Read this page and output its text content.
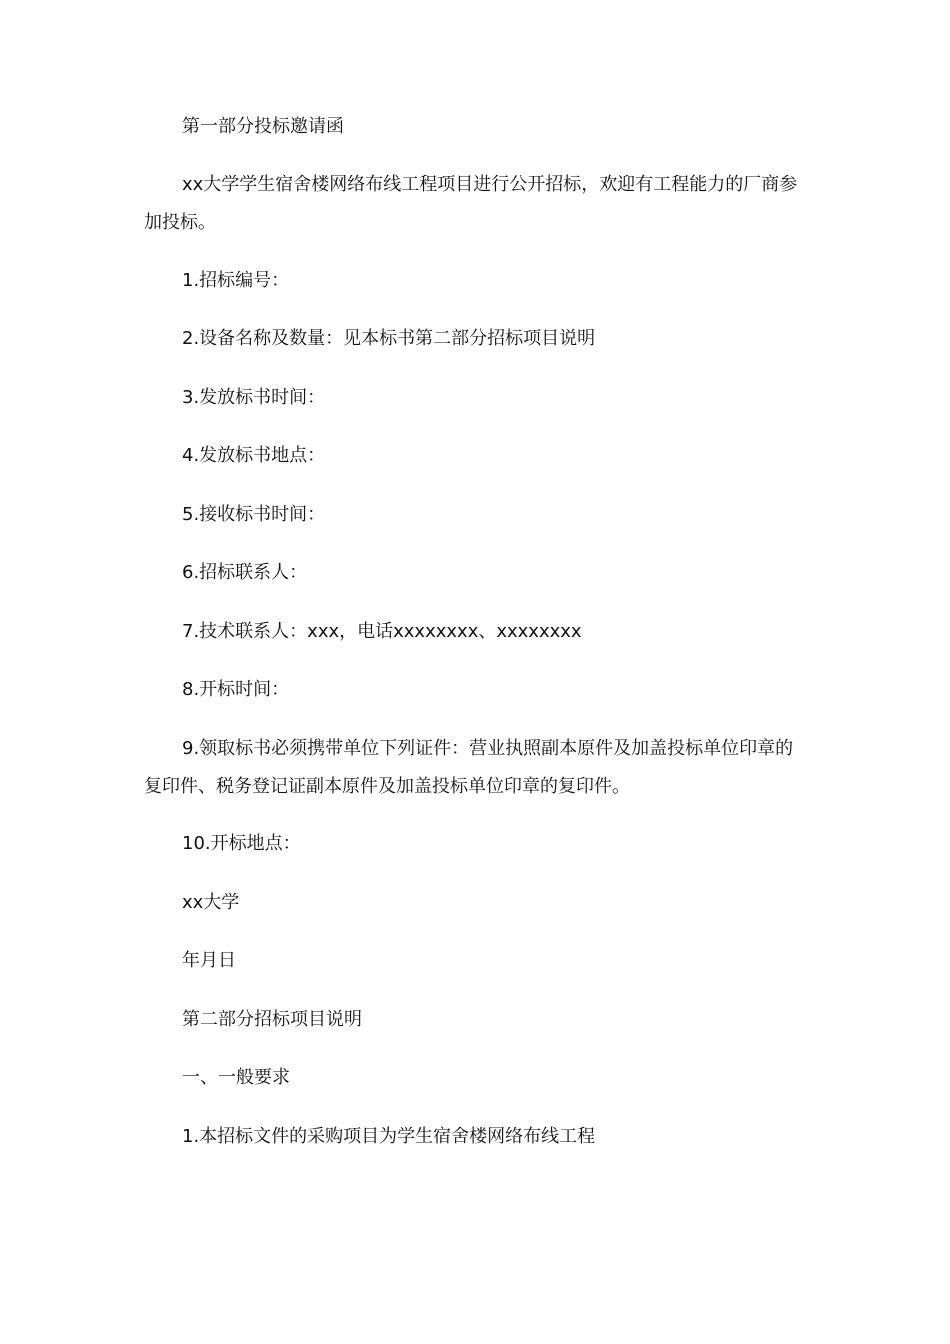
第一部分投标邀请函

xx大学学生宿舍楼网络布线工程项目进行公开招标，欢迎有工程能力的厂商参加投标。

1.招标编号：

2.设备名称及数量：见本标书第二部分招标项目说明

3.发放标书时间：

4.发放标书地点：

5.接收标书时间：

6.招标联系人：

7.技术联系人：xxx，电话xxxxxxxx、xxxxxxxx

8.开标时间：

9.领取标书必须携带单位下列证件：营业执照副本原件及加盖投标单位印章的复印件、税务登记证副本原件及加盖投标单位印章的复印件。

10.开标地点：

xx大学

年月日

第二部分招标项目说明

一、一般要求

1.本招标文件的采购项目为学生宿舍楼网络布线工程
